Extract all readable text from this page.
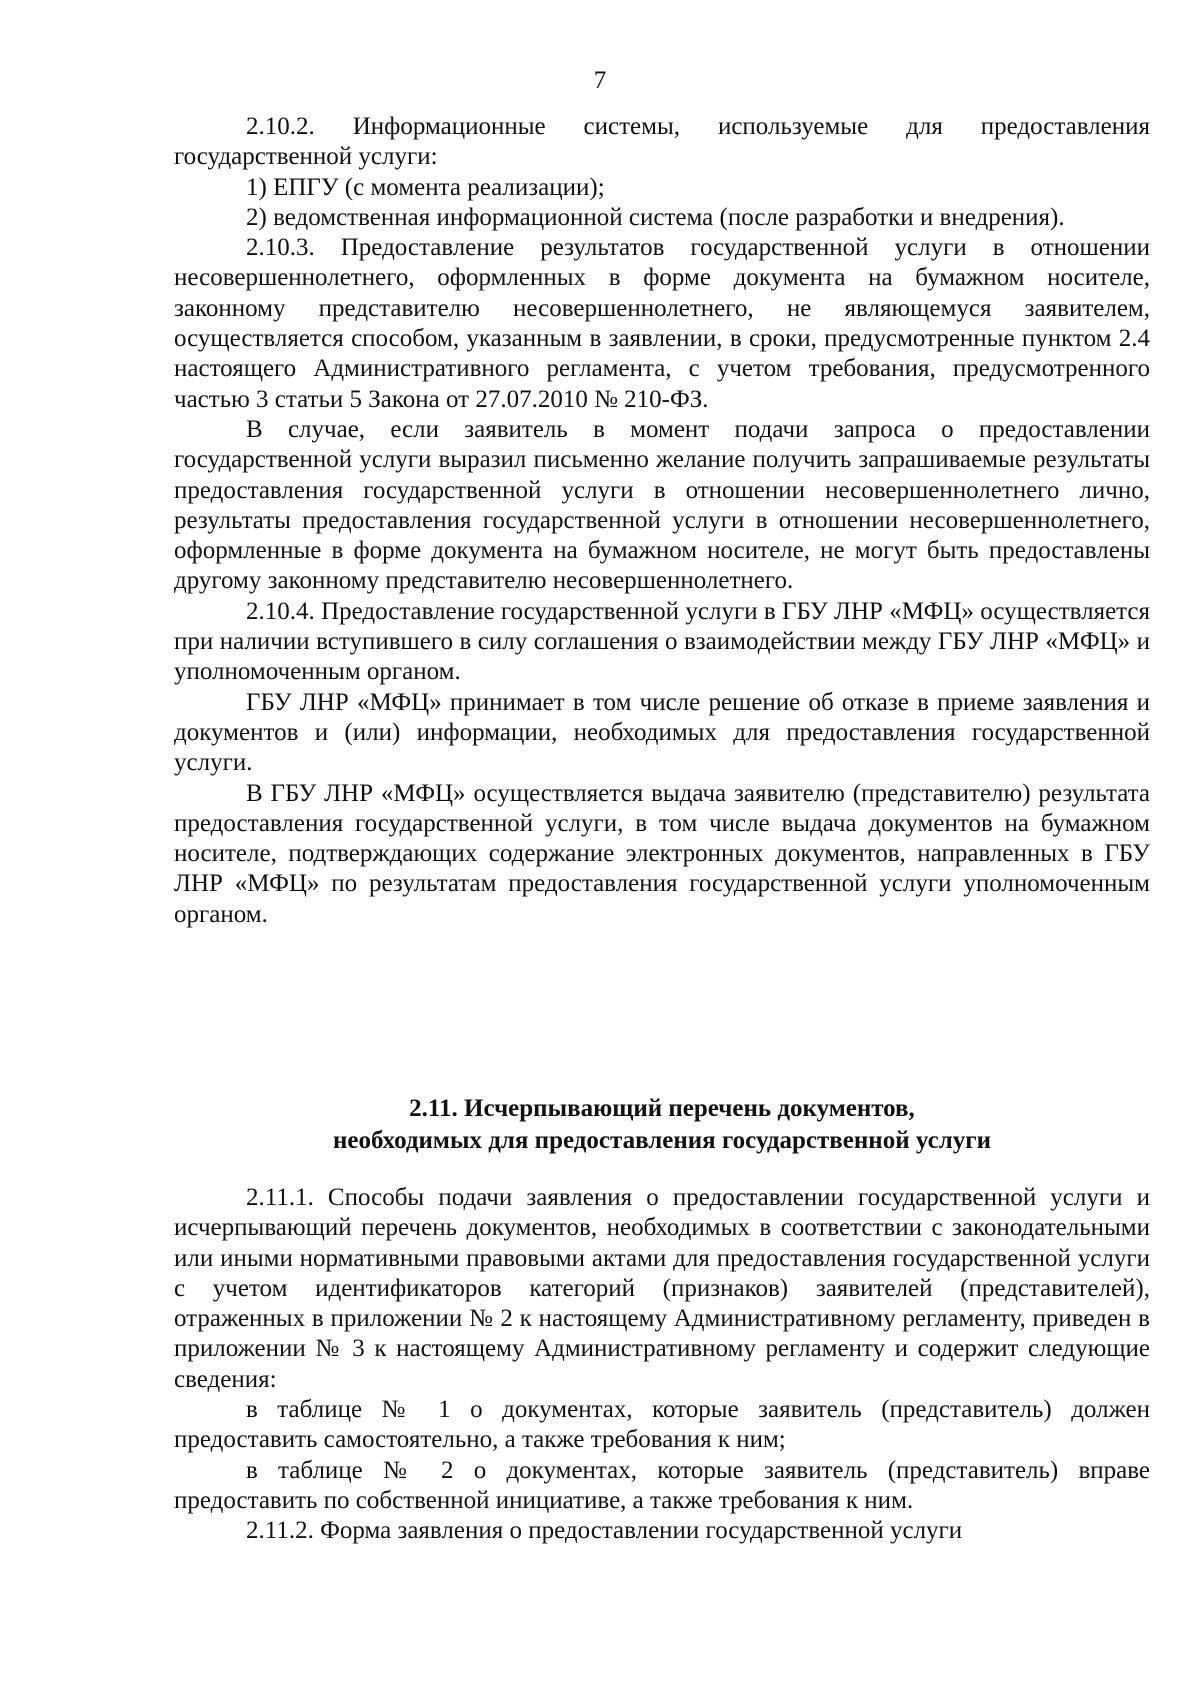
7

2.10.2. Информационные системы, используемые для предоставления государственной услуги:

1) ЕПГУ (с момента реализации);

2) ведомственная информационной система (после разработки и внедрения).

2.10.3. Предоставление результатов государственной услуги в отношении несовершеннолетнего, оформленных в форме документа на бумажном носителе, законному представителю несовершеннолетнего, не являющемуся заявителем, осуществляется способом, указанным в заявлении, в сроки, предусмотренные пунктом 2.4 настоящего Административного регламента, с учетом требования, предусмотренного частью 3 статьи 5 Закона от 27.07.2010 № 210-ФЗ.

В случае, если заявитель в момент подачи запроса о предоставлении государственной услуги выразил письменно желание получить запрашиваемые результаты предоставления государственной услуги в отношении несовершеннолетнего лично, результаты предоставления государственной услуги в отношении несовершеннолетнего, оформленные в форме документа на бумажном носителе, не могут быть предоставлены другому законному представителю несовершеннолетнего.

2.10.4. Предоставление государственной услуги в ГБУ ЛНР «МФЦ» осуществляется при наличии вступившего в силу соглашения о взаимодействии между ГБУ ЛНР «МФЦ» и уполномоченным органом.

ГБУ ЛНР «МФЦ» принимает в том числе решение об отказе в приеме заявления и документов и (или) информации, необходимых для предоставления государственной услуги.

В ГБУ ЛНР «МФЦ» осуществляется выдача заявителю (представителю) результата предоставления государственной услуги, в том числе выдача документов на бумажном носителе, подтверждающих содержание электронных документов, направленных в ГБУ ЛНР «МФЦ» по результатам предоставления государственной услуги уполномоченным органом.

2.11. Исчерпывающий перечень документов,
необходимых для предоставления государственной услуги

2.11.1. Способы подачи заявления о предоставлении государственной услуги и исчерпывающий перечень документов, необходимых в соответствии с законодательными или иными нормативными правовыми актами для предоставления государственной услуги с учетом идентификаторов категорий (признаков) заявителей (представителей), отраженных в приложении № 2 к настоящему Административному регламенту, приведен в приложении № 3 к настоящему Административному регламенту и содержит следующие сведения:

в таблице № 1 о документах, которые заявитель (представитель) должен предоставить самостоятельно, а также требования к ним;

в таблице № 2 о документах, которые заявитель (представитель) вправе предоставить по собственной инициативе, а также требования к ним.

2.11.2. Форма заявления о предоставлении государственной услуги
